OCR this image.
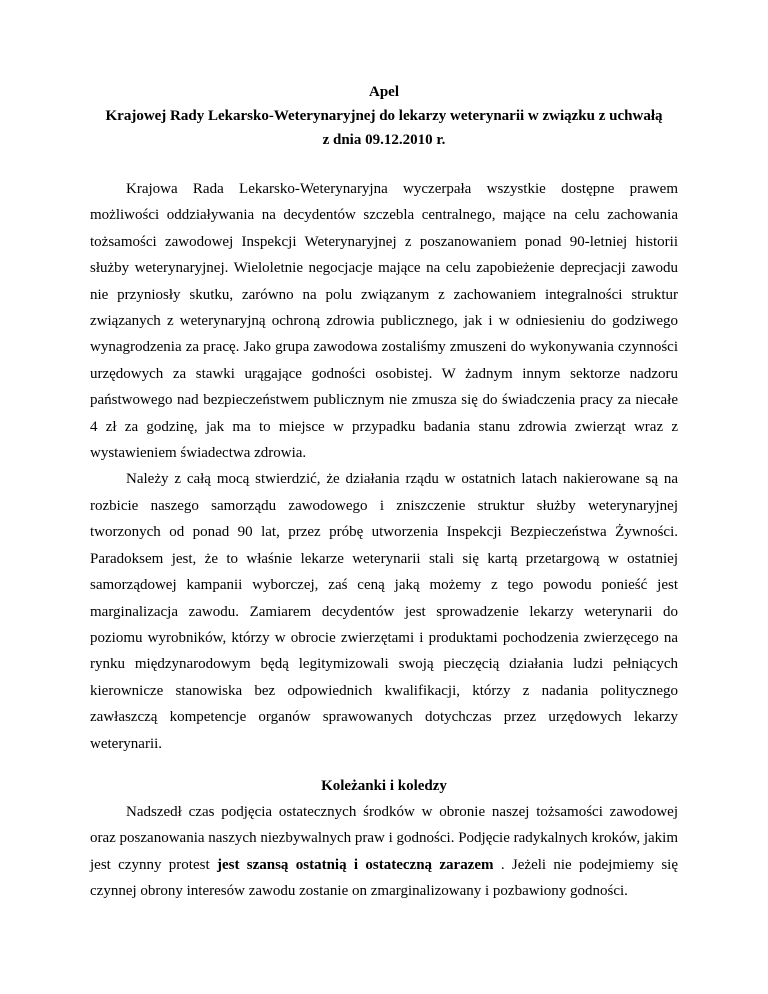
Apel
Krajowej Rady Lekarsko-Weterynaryjnej do lekarzy weterynarii w związku z uchwałą
z dnia 09.12.2010 r.

Krajowa Rada Lekarsko-Weterynaryjna wyczerpała wszystkie dostępne prawem możliwości oddziaływania na decydentów szczebla centralnego, mające na celu zachowania tożsamości zawodowej Inspekcji Weterynaryjnej z poszanowaniem ponad 90-letniej historii służby weterynaryjnej. Wieloletnie negocjacje mające na celu zapobieżenie deprecjacji zawodu nie przyniosły skutku, zarówno na polu związanym z zachowaniem integralności struktur związanych z weterynaryjną ochroną zdrowia publicznego, jak i w odniesieniu do godziwego wynagrodzenia za pracę. Jako grupa zawodowa zostaliśmy zmuszeni do wykonywania czynności urzędowych za stawki urągające godności osobistej. W żadnym innym sektorze nadzoru państwowego nad bezpieczeństwem publicznym nie zmusza się do świadczenia pracy za niecałe 4 zł za godzinę, jak ma to miejsce w przypadku badania stanu zdrowia zwierząt wraz z wystawieniem świadectwa zdrowia.

Należy z całą mocą stwierdzić, że działania rządu w ostatnich latach nakierowane są na rozbicie naszego samorządu zawodowego i zniszczenie struktur służby weterynaryjnej tworzonych od ponad 90 lat, przez próbę utworzenia Inspekcji Bezpieczeństwa Żywności. Paradoksem jest, że to właśnie lekarze weterynarii stali się kartą przetargową w ostatniej samorządowej kampanii wyborczej, zaś ceną jaką możemy z tego powodu ponieść jest marginalizacja zawodu. Zamiarem decydentów jest sprowadzenie lekarzy weterynarii do poziomu wyrobników, którzy w obrocie zwierzętami i produktami pochodzenia zwierzęcego na rynku międzynarodowym będą legitymizowali swoją pieczęcią działania ludzi pełniących kierownicze stanowiska bez odpowiednich kwalifikacji, którzy z nadania politycznego zawłaszczą kompetencje organów sprawowanych dotychczas przez urzędowych lekarzy weterynarii.

Koleżanki i koledzy

Nadszedł czas podjęcia ostatecznych środków w obronie naszej tożsamości zawodowej oraz poszanowania naszych niezbywalnych praw i godności. Podjęcie radykalnych kroków, jakim jest czynny protest jest szansą ostatnią i ostateczną zarazem . Jeżeli nie podejmiemy się czynnej obrony interesów zawodu zostanie on zmarginalizowany i pozbawiony godności.
